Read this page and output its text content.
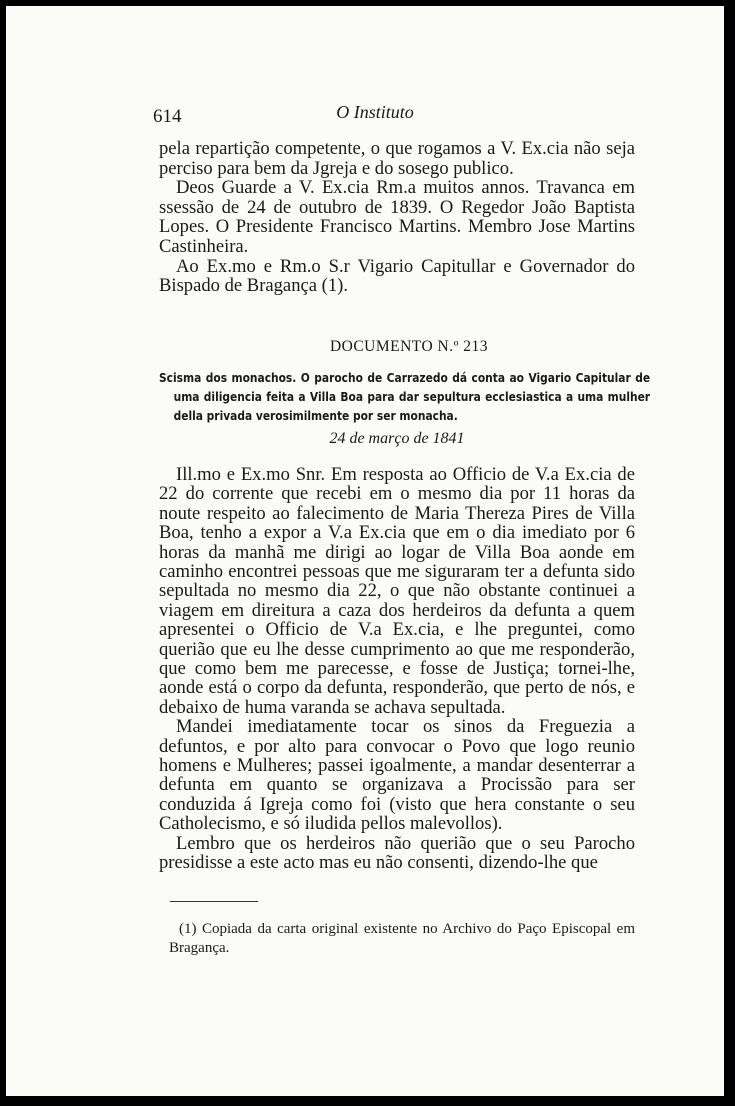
614	O Instituto

pela repartição competente, o que rogamos a V. Ex.cia não seja perciso para bem da Jgreja e do sosego publico.

Deos Guarde a V. Ex.cia Rm.a muitos annos. Travanca em ssessão de 24 de outubro de 1839. O Regedor João Baptista Lopes. O Presidente Francisco Martins. Membro Jose Martins Castinheira.

Ao Ex.mo e Rm.o S.r Vigario Capitullar e Governador do Bispado de Bragança (1).

DOCUMENTO N.º 213

Scisma dos monachos. O parocho de Carrazedo dá conta ao Vigario Capitular de uma diligencia feita a Villa Boa para dar sepultura ecclesiastica a uma mulher della privada verosimilmente por ser monacha.

24 de março de 1841

Ill.mo e Ex.mo Snr. Em resposta ao Officio de V.a Ex.cia de 22 do corrente que recebi em o mesmo dia por 11 horas da noute respeito ao falecimento de Maria Thereza Pires de Villa Boa, tenho a expor a V.a Ex.cia que em o dia imediato por 6 horas da manhã me dirigi ao logar de Villa Boa aonde em caminho encontrei pessoas que me siguraram ter a defunta sido sepultada no mesmo dia 22, o que não obstante continuei a viagem em direitura a caza dos herdeiros da defunta a quem apresentei o Officio de V.a Ex.cia, e lhe preguntei, como querião que eu lhe desse cumprimento ao que me responderão, que como bem me parecesse, e fosse de Justiça; tornei-lhe, aonde está o corpo da defunta, responderão, que perto de nós, e debaixo de huma varanda se achava sepultada.

Mandei imediatamente tocar os sinos da Freguezia a defuntos, e por alto para convocar o Povo que logo reunio homens e Mulheres; passei igoalmente, a mandar desenterrar a defunta em quanto se organizava a Procissão para ser conduzida á Igreja como foi (visto que hera constante o seu Catholecismo, e só iludida pellos malevollos).

Lembro que os herdeiros não querião que o seu Parocho presidisse a este acto mas eu não consenti, dizendo-lhe que

(1) Copiada da carta original existente no Archivo do Paço Episcopal em Bragança.
